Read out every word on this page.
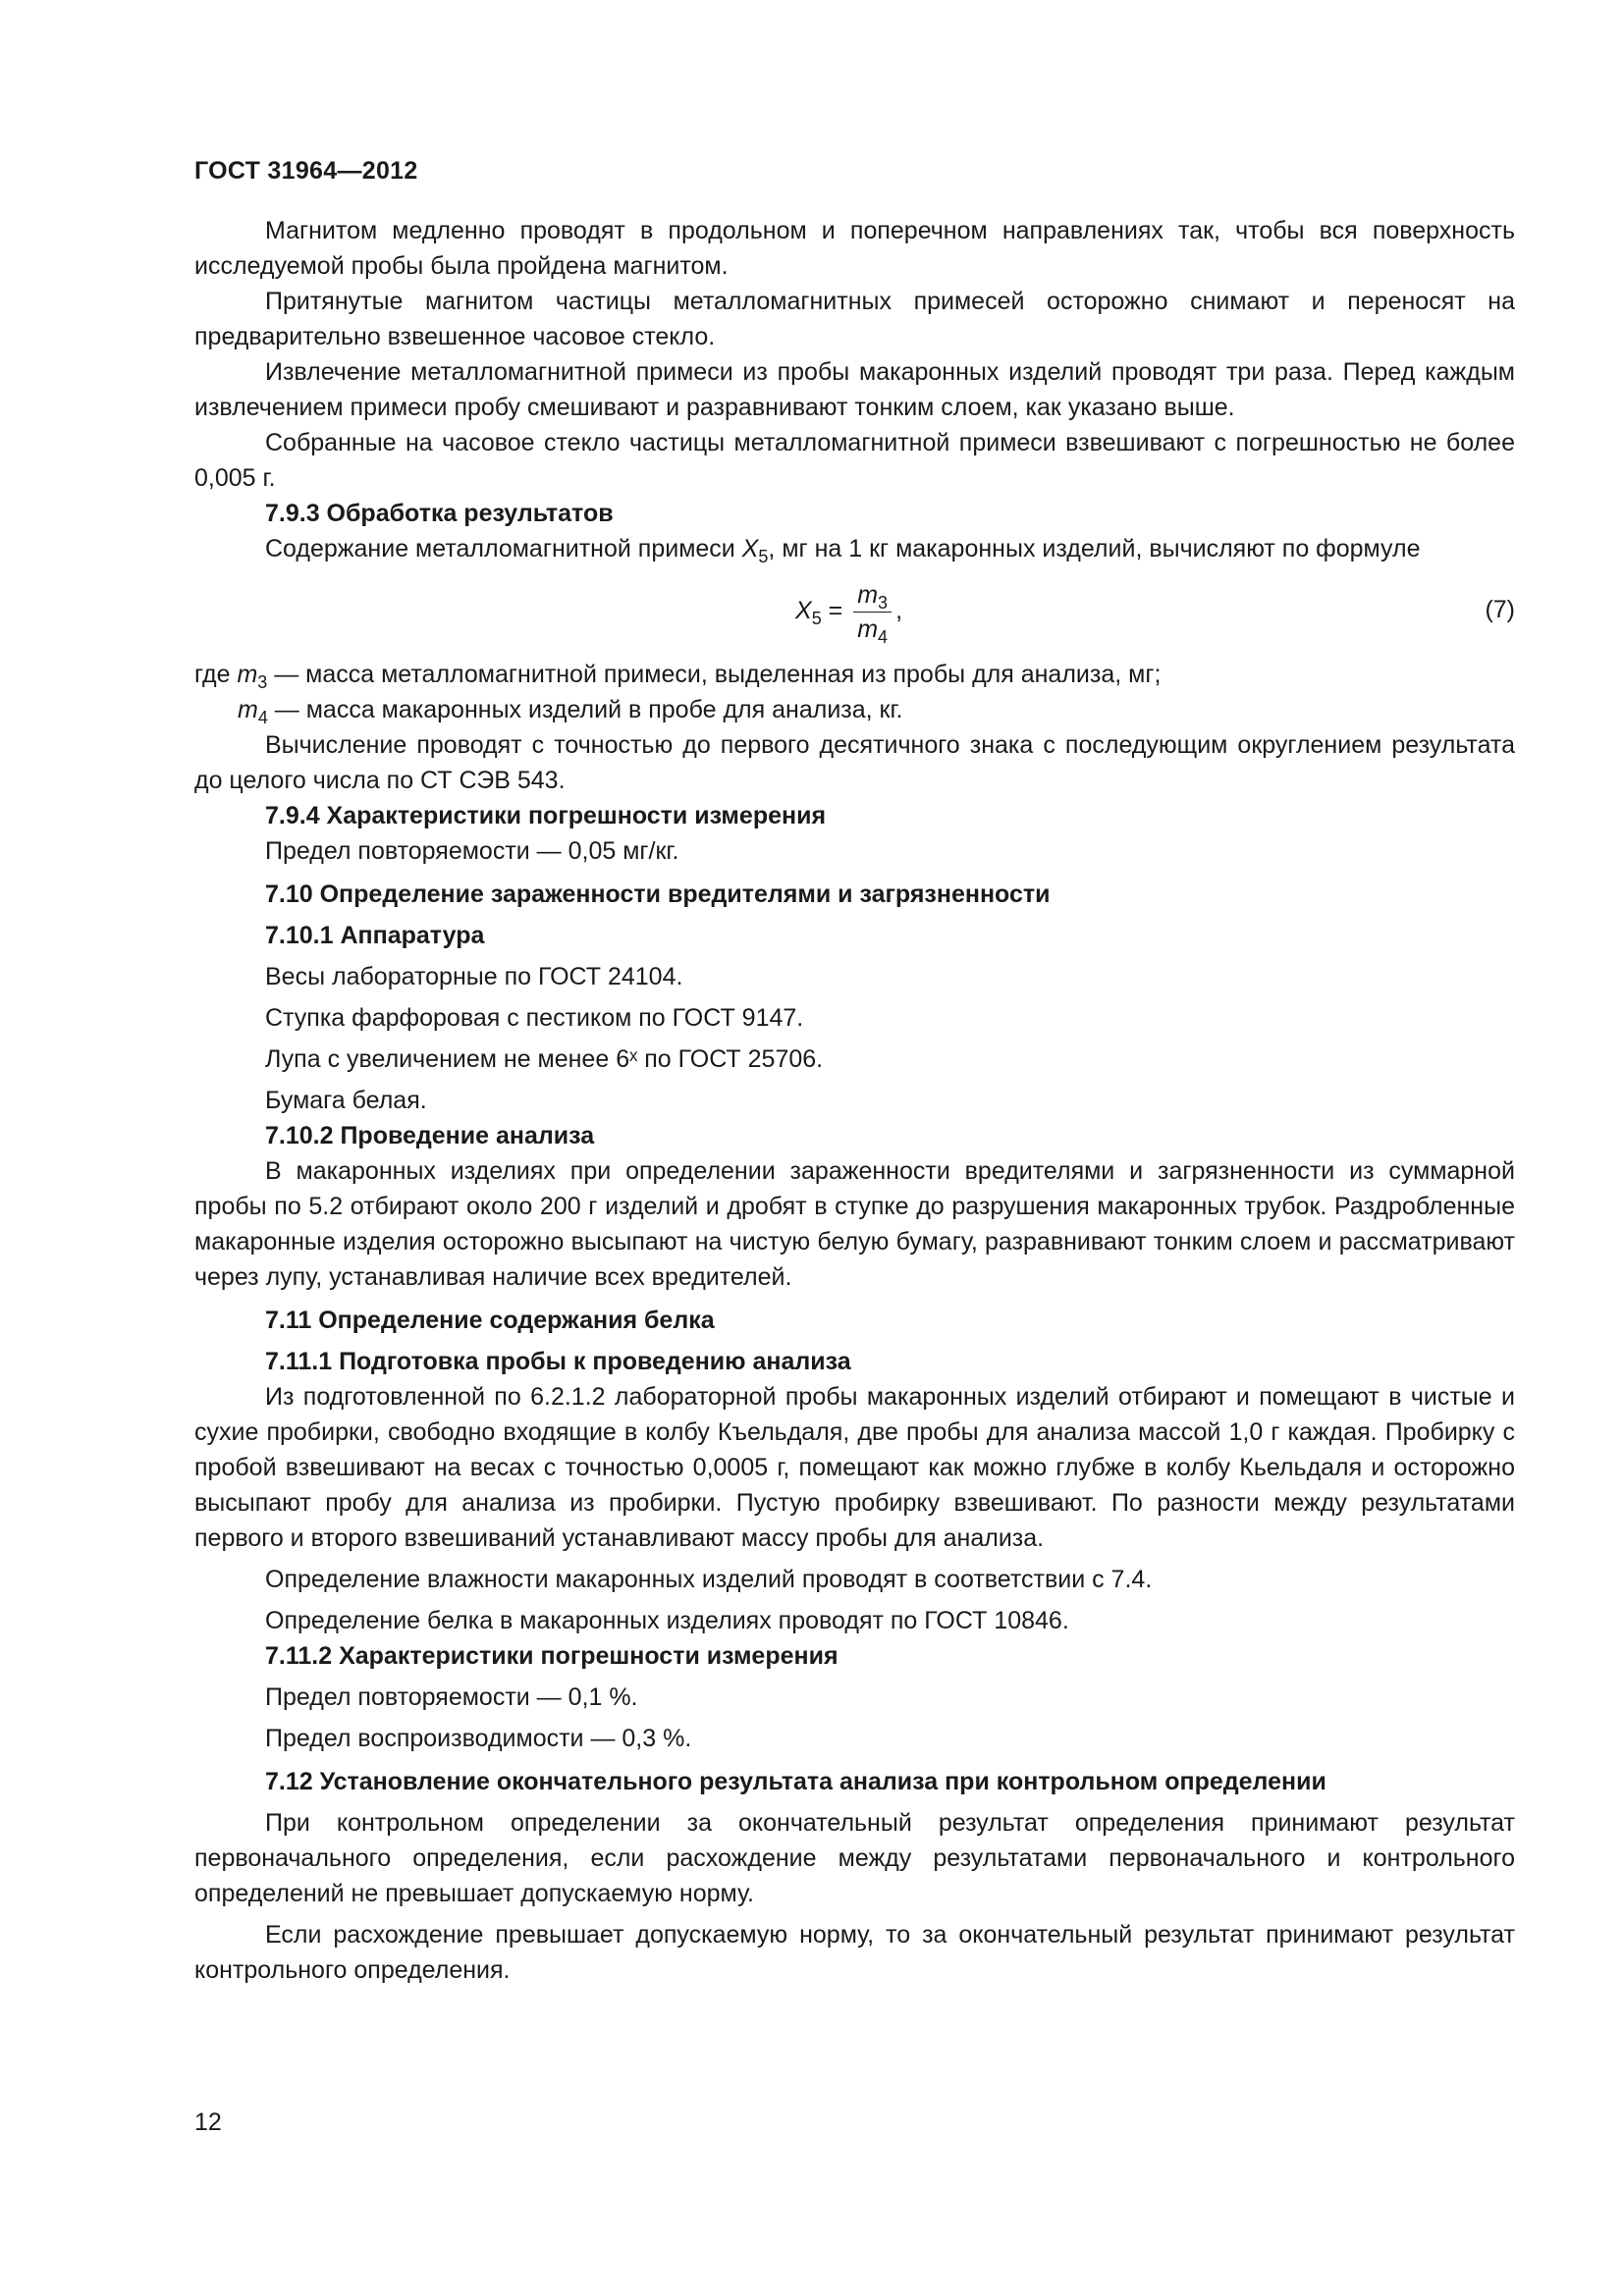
ГОСТ 31964—2012

Магнитом медленно проводят в продольном и поперечном направлениях так, чтобы вся поверхность исследуемой пробы была пройдена магнитом.

Притянутые магнитом частицы металломагнитных примесей осторожно снимают и переносят на предварительно взвешенное часовое стекло.

Извлечение металломагнитной примеси из пробы макаронных изделий проводят три раза. Перед каждым извлечением примеси пробу смешивают и разравнивают тонким слоем, как указано выше.

Собранные на часовое стекло частицы металломагнитной примеси взвешивают с погрешностью не более 0,005 г.

7.9.3 Обработка результатов

Содержание металломагнитной примеси $X_5$, мг на 1 кг макаронных изделий, вычисляют по формуле

$X_5 = \frac{m_3}{m_4}$ ,	(7)

где $m_3$ — масса металломагнитной примеси, выделенная из пробы для анализа, мг;

$m_4$ — масса макаронных изделий в пробе для анализа, кг.

Вычисление проводят с точностью до первого десятичного знака с последующим округлением результата до целого числа по СТ СЭВ 543.

7.9.4 Характеристики погрешности измерения

Предел повторяемости — 0,05 мг/кг.

7.10 Определение зараженности вредителями и загрязненности

7.10.1 Аппаратура

Весы лабораторные по ГОСТ 24104.

Ступка фарфоровая с пестиком по ГОСТ 9147.

Лупа с увеличением не менее 6ˣ по ГОСТ 25706.

Бумага белая.

7.10.2 Проведение анализа

В макаронных изделиях при определении зараженности вредителями и загрязненности из суммарной пробы по 5.2 отбирают около 200 г изделий и дробят в ступке до разрушения макаронных трубок. Раздробленные макаронные изделия осторожно высыпают на чистую белую бумагу, разравнивают тонким слоем и рассматривают через лупу, устанавливая наличие всех вредителей.

7.11 Определение содержания белка

7.11.1 Подготовка пробы к проведению анализа

Из подготовленной по 6.2.1.2 лабораторной пробы макаронных изделий отбирают и помещают в чистые и сухие пробирки, свободно входящие в колбу Къельдаля, две пробы для анализа массой 1,0 г каждая. Пробирку с пробой взвешивают на весах с точностью 0,0005 г, помещают как можно глубже в колбу Кьельдаля и осторожно высыпают пробу для анализа из пробирки. Пустую пробирку взвешивают. По разности между результатами первого и второго взвешиваний устанавливают массу пробы для анализа.

Определение влажности макаронных изделий проводят в соответствии с 7.4.

Определение белка в макаронных изделиях проводят по ГОСТ 10846.

7.11.2 Характеристики погрешности измерения

Предел повторяемости — 0,1 %.

Предел воспроизводимости — 0,3 %.

7.12 Установление окончательного результата анализа при контрольном определении

При контрольном определении за окончательный результат определения принимают результат первоначального определения, если расхождение между результатами первоначального и контрольного определений не превышает допускаемую норму.

Если расхождение превышает допускаемую норму, то за окончательный результат принимают результат контрольного определения.

12
